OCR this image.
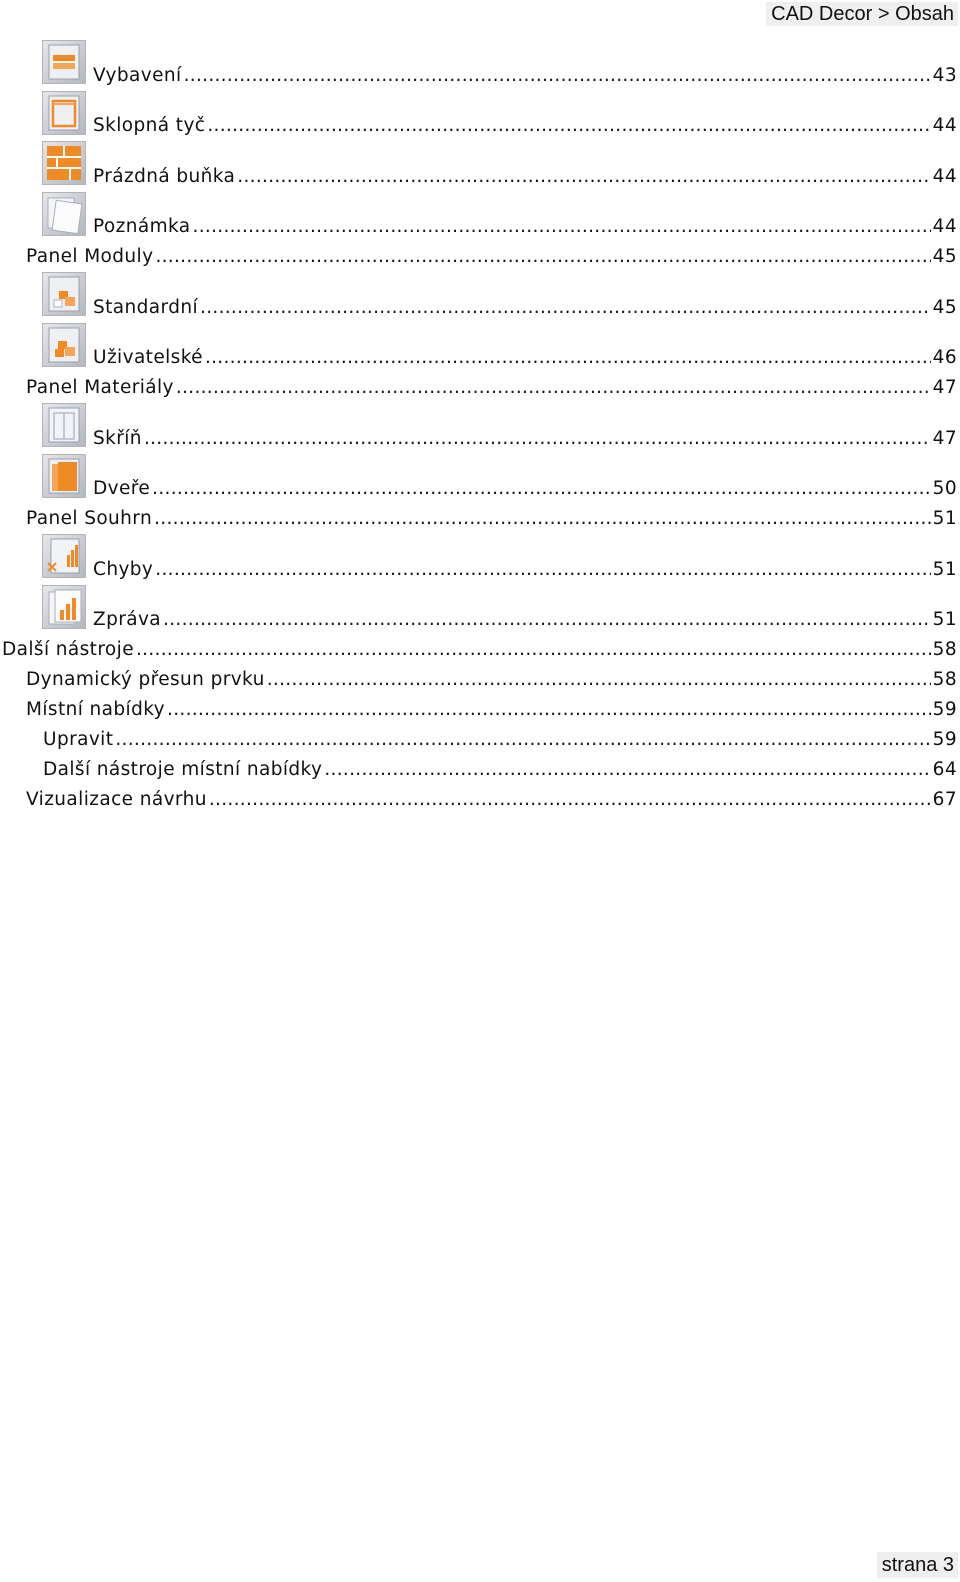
CAD Decor > Obsah
Vybavení .....	43
Sklopná tyč .....	44
Prázdná buňka .....	44
Poznámka .....	44
Panel Moduly .....	45
Standardní .....	45
Uživatelské .....	46
Panel Materiály .....	47
Skříň .....	47
Dveře .....	50
Panel Souhrn .....	51
Chyby .....	51
Zpráva .....	51
Další nástroje .....	58
Dynamický přesun prvku .....	58
Místní nabídky .....	59
Upravit .....	59
Další nástroje místní nabídky .....	64
Vizualizace návrhu .....	67
strana 3
